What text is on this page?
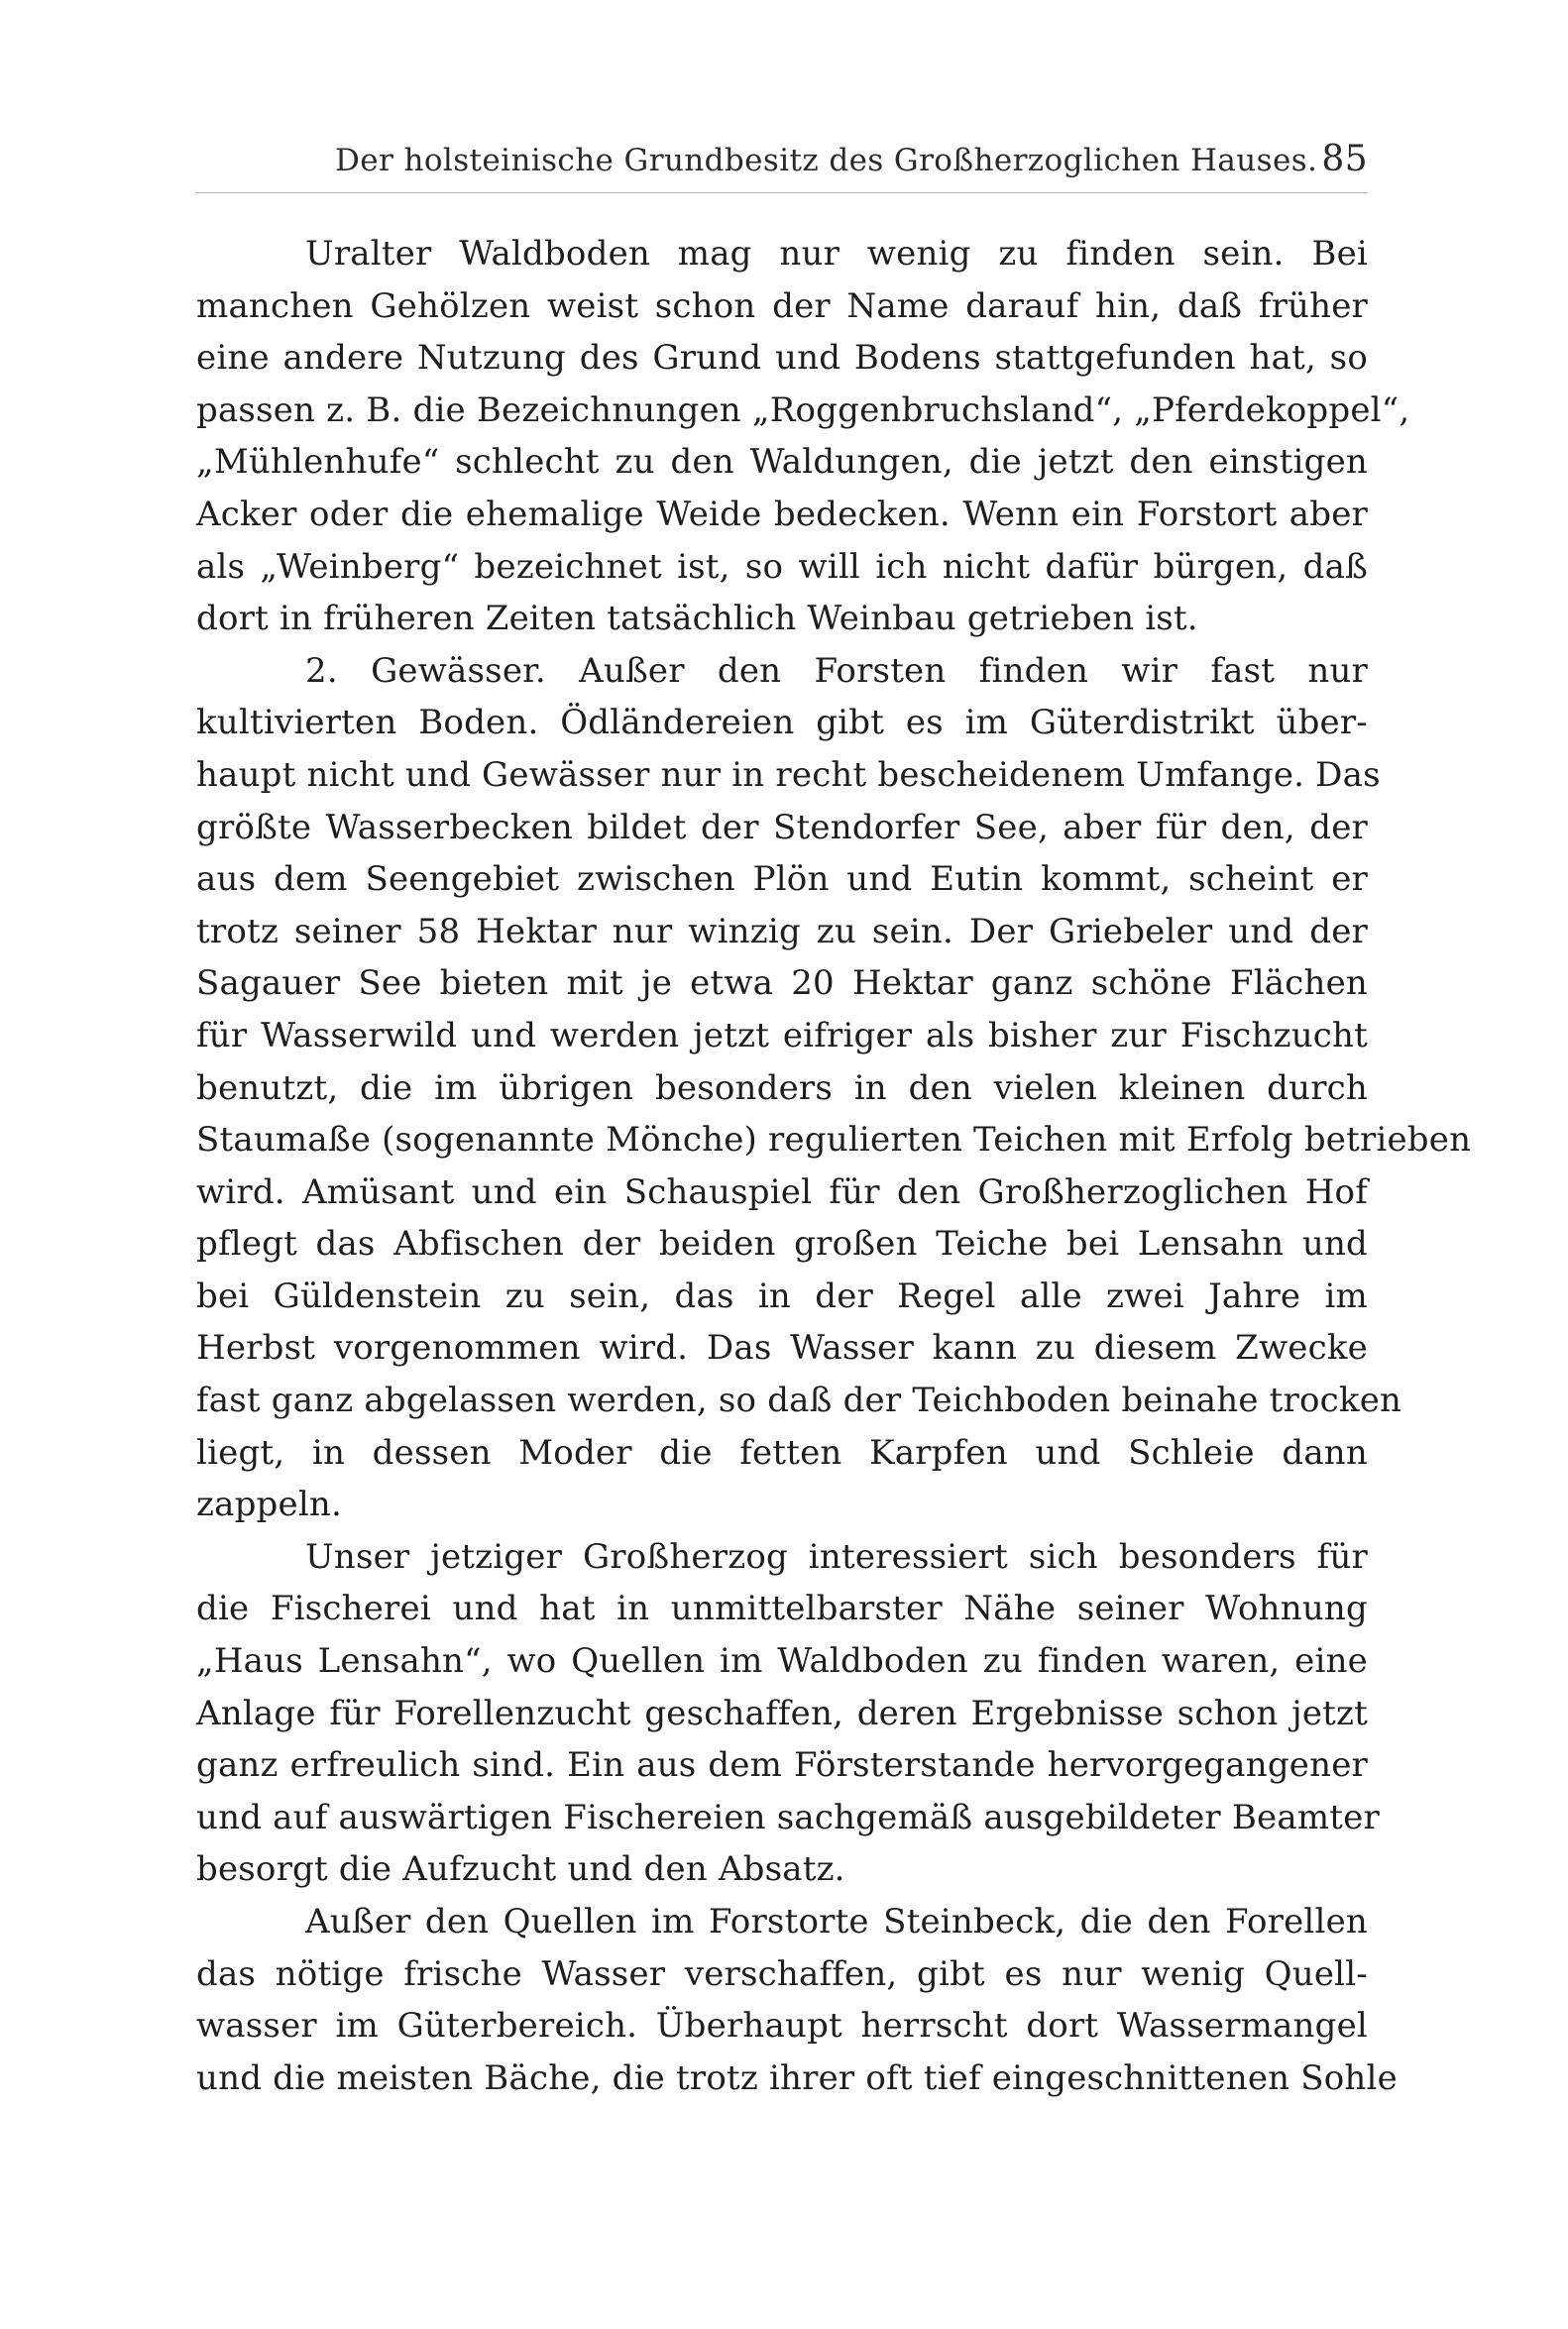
Der holsteinische Grundbesitz des Großherzoglichen Hauses. 85
Uralter Waldboden mag nur wenig zu finden sein. Bei
manchen Gehölzen weist schon der Name darauf hin, daß früher
eine andere Nutzung des Grund und Bodens stattgefunden hat, so
passen z. B. die Bezeichnungen „Roggenbruchsland“, „Pferdekoppel“,
„Mühlenhufe“ schlecht zu den Waldungen, die jetzt den einstigen
Acker oder die ehemalige Weide bedecken. Wenn ein Forstort aber
als „Weinberg“ bezeichnet ist, so will ich nicht dafür bürgen, daß
dort in früheren Zeiten tatsächlich Weinbau getrieben ist.
2. Gewässer. Außer den Forsten finden wir fast nur
kultivierten Boden. Ödländereien gibt es im Güterdistrikt über-
haupt nicht und Gewässer nur in recht bescheidenem Umfange. Das
größte Wasserbecken bildet der Stendorfer See, aber für den, der
aus dem Seengebiet zwischen Plön und Eutin kommt, scheint er
trotz seiner 58 Hektar nur winzig zu sein. Der Griebeler und der
Sagauer See bieten mit je etwa 20 Hektar ganz schöne Flächen
für Wasserwild und werden jetzt eifriger als bisher zur Fischzucht
benutzt, die im übrigen besonders in den vielen kleinen durch
Staumaße (sogenannte Mönche) regulierten Teichen mit Erfolg betrieben
wird. Amüsant und ein Schauspiel für den Großherzoglichen Hof
pflegt das Abfischen der beiden großen Teiche bei Lensahn und
bei Güldenstein zu sein, das in der Regel alle zwei Jahre im
Herbst vorgenommen wird. Das Wasser kann zu diesem Zwecke
fast ganz abgelassen werden, so daß der Teichboden beinahe trocken
liegt, in dessen Moder die fetten Karpfen und Schleie dann
zappeln.
Unser jetziger Großherzog interessiert sich besonders für
die Fischerei und hat in unmittelbarster Nähe seiner Wohnung
„Haus Lensahn“, wo Quellen im Waldboden zu finden waren, eine
Anlage für Forellenzucht geschaffen, deren Ergebnisse schon jetzt
ganz erfreulich sind. Ein aus dem Försterstande hervorgegangener
und auf auswärtigen Fischereien sachgemäß ausgebildeter Beamter
besorgt die Aufzucht und den Absatz.
Außer den Quellen im Forstorte Steinbeck, die den Forellen
das nötige frische Wasser verschaffen, gibt es nur wenig Quell-
wasser im Güterbereich. Überhaupt herrscht dort Wassermangel
und die meisten Bäche, die trotz ihrer oft tief eingeschnittenen Sohle
